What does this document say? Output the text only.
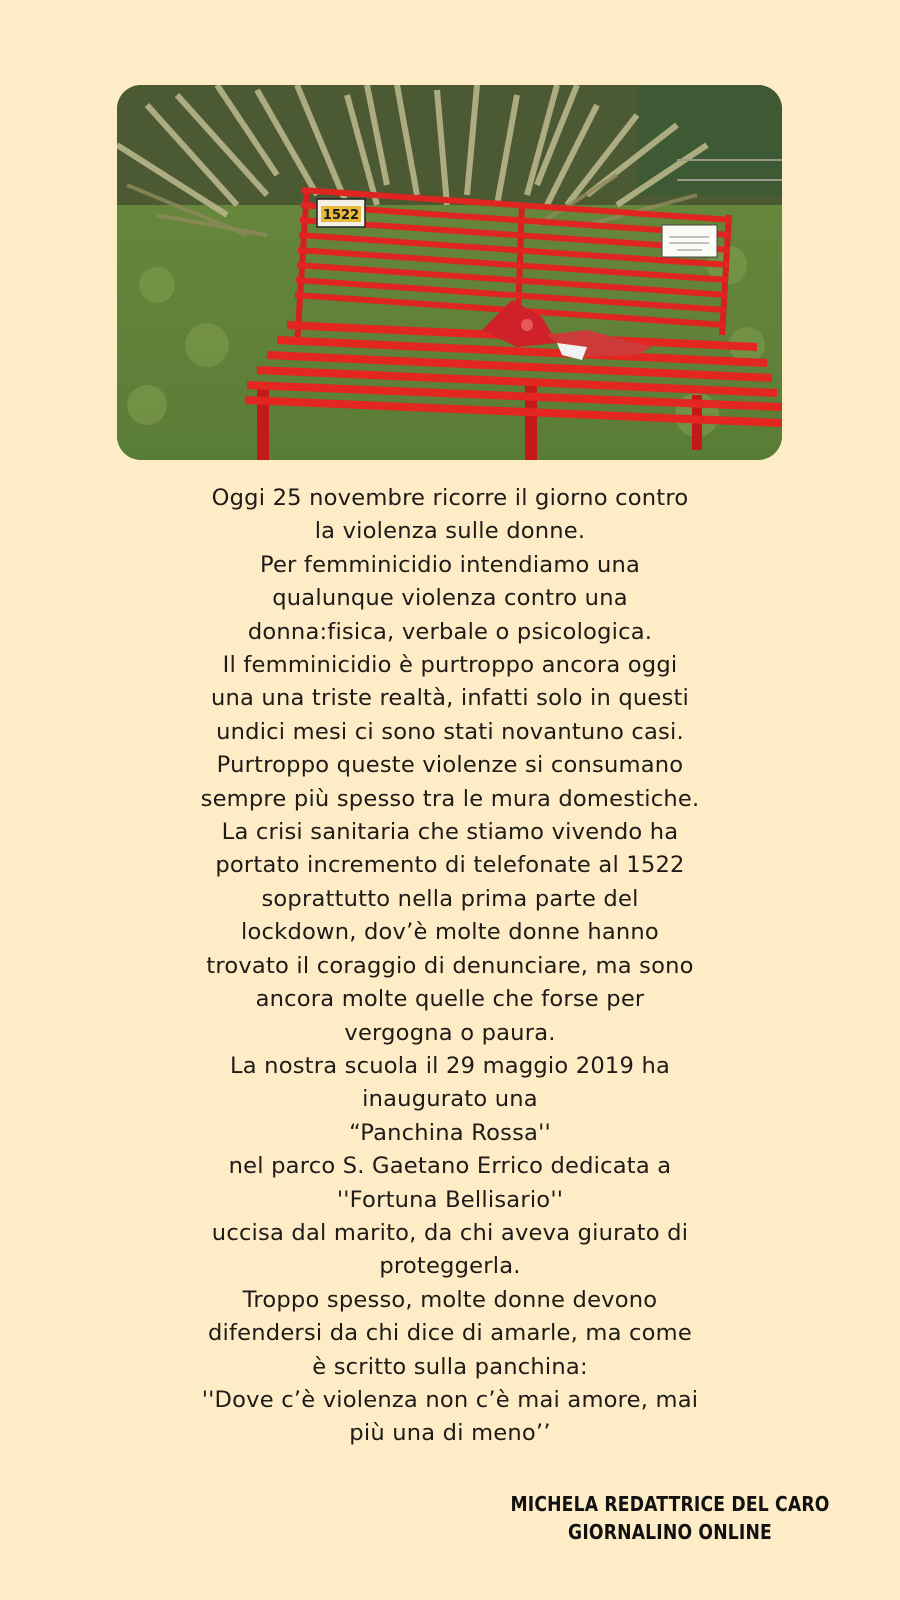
1522
Oggi 25 novembre ricorre il giorno contro
la violenza sulle donne.
Per femminicidio intendiamo una
qualunque violenza contro una
donna:fisica, verbale o psicologica.
Il femminicidio è purtroppo ancora oggi
una una triste realtà, infatti solo in questi
undici mesi ci sono stati novantuno casi.
Purtroppo queste violenze si consumano
sempre più spesso tra le mura domestiche.
La crisi sanitaria che stiamo vivendo ha
portato incremento di telefonate al 1522
soprattutto nella prima parte del
lockdown, dov’è molte donne hanno
trovato il coraggio di denunciare, ma sono
ancora molte quelle che forse per
vergogna o paura.
La nostra scuola il 29 maggio 2019 ha
inaugurato una
“Panchina Rossa''
nel parco S. Gaetano Errico dedicata a
''Fortuna Bellisario''
uccisa dal marito, da chi aveva giurato di
proteggerla.
Troppo spesso, molte donne devono
difendersi da chi dice di amarle, ma come
è scritto sulla panchina:
''Dove c’è violenza non c’è mai amore, mai
più una di meno’’
MICHELA REDATTRICE DEL CARO
GIORNALINO ONLINE
